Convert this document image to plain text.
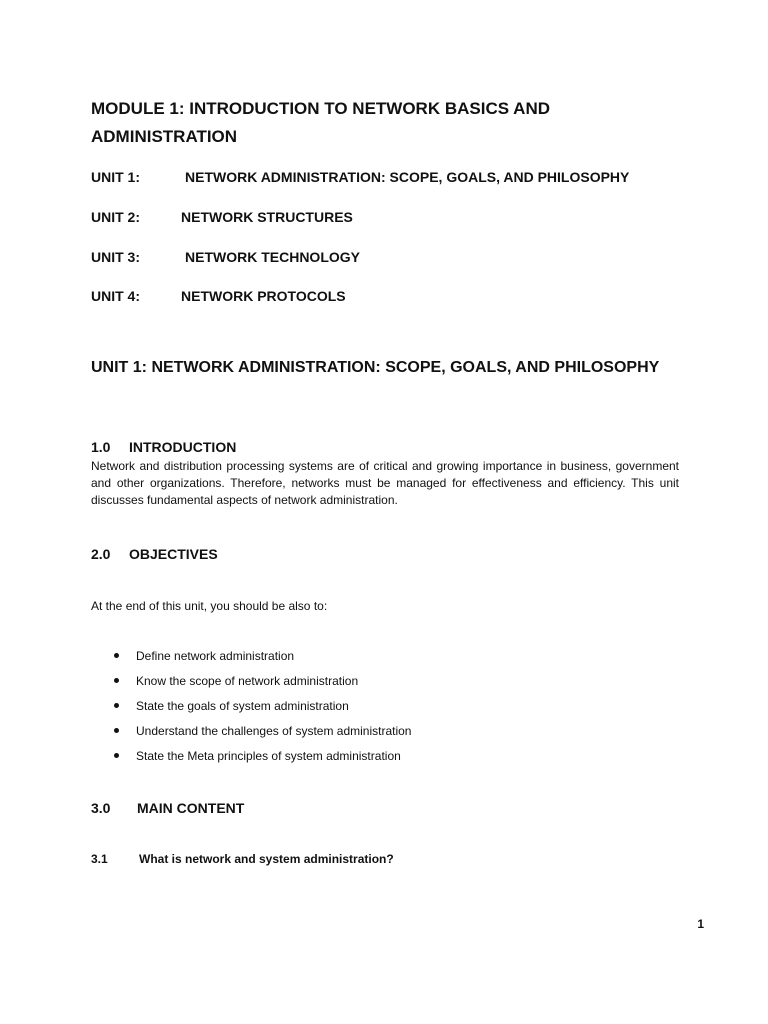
MODULE 1: INTRODUCTION TO NETWORK BASICS AND ADMINISTRATION
UNIT 1:	NETWORK ADMINISTRATION: SCOPE, GOALS, AND PHILOSOPHY
UNIT 2:	NETWORK STRUCTURES
UNIT 3:	NETWORK TECHNOLOGY
UNIT 4:	NETWORK PROTOCOLS
UNIT 1: NETWORK ADMINISTRATION: SCOPE, GOALS, AND PHILOSOPHY
1.0 INTRODUCTION

Network and distribution processing systems are of critical and growing importance in business, government and other organizations. Therefore, networks must be managed for effectiveness and efficiency. This unit discusses fundamental aspects of network administration.

2.0 OBJECTIVES

At the end of this unit, you should be also to:

Define network administration
Know the scope of network administration
State the goals of system administration
Understand the challenges of system administration
State the Meta principles of system administration
3.0 MAIN CONTENT
3.1	What is network and system administration?
1
